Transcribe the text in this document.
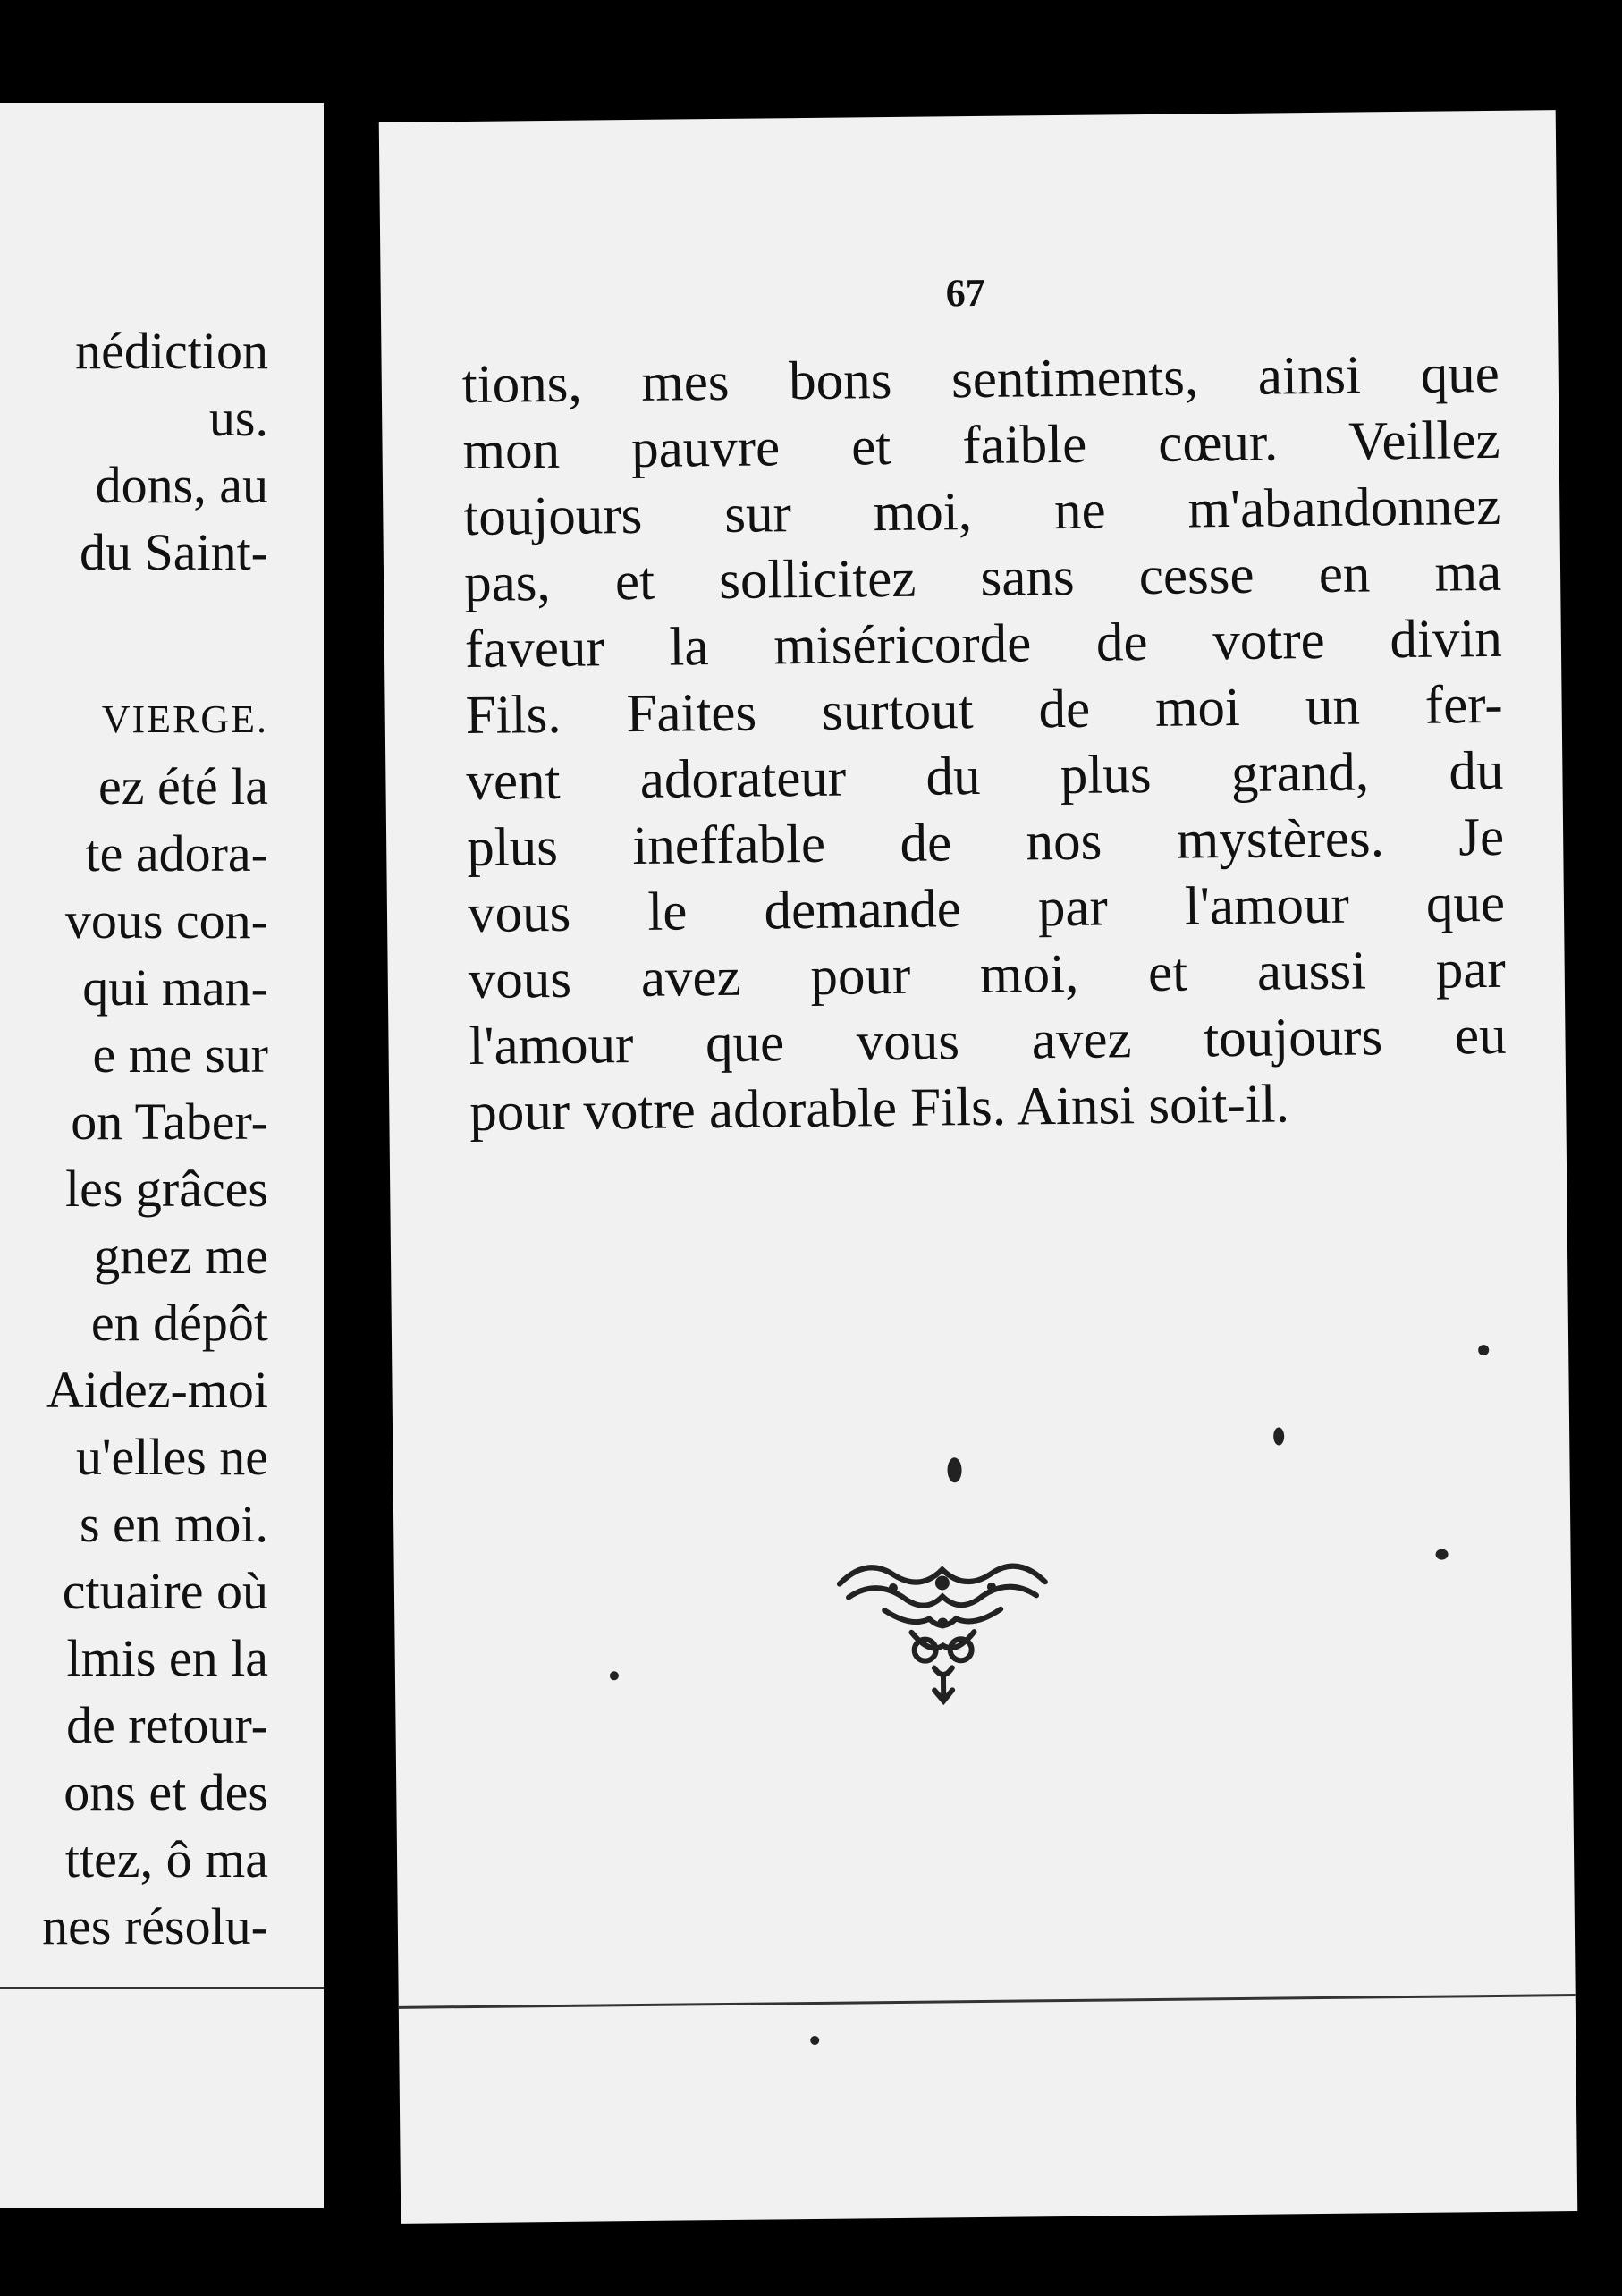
nédiction
us.
dons, au
du Saint-
VIERGE.
ez été la
te adora-
vous con-
qui man-
e me sur
on Taber-
les grâces
gnez me
en dépôt
Aidez-moi
u'elles ne
s en moi.
ctuaire où
lmis en la
de retour-
ons et des
ttez, ô ma
nes résolu-
67
tions, mes bons sentiments, ainsi que
mon pauvre et faible cœur. Veillez
toujours sur moi, ne m'abandonnez
pas, et sollicitez sans cesse en ma
faveur la miséricorde de votre divin
Fils. Faites surtout de moi un fer-
vent adorateur du plus grand, du
plus ineffable de nos mystères. Je
vous le demande par l'amour que
vous avez pour moi, et aussi par
l'amour que vous avez toujours eu
pour votre adorable Fils. Ainsi soit-il.
